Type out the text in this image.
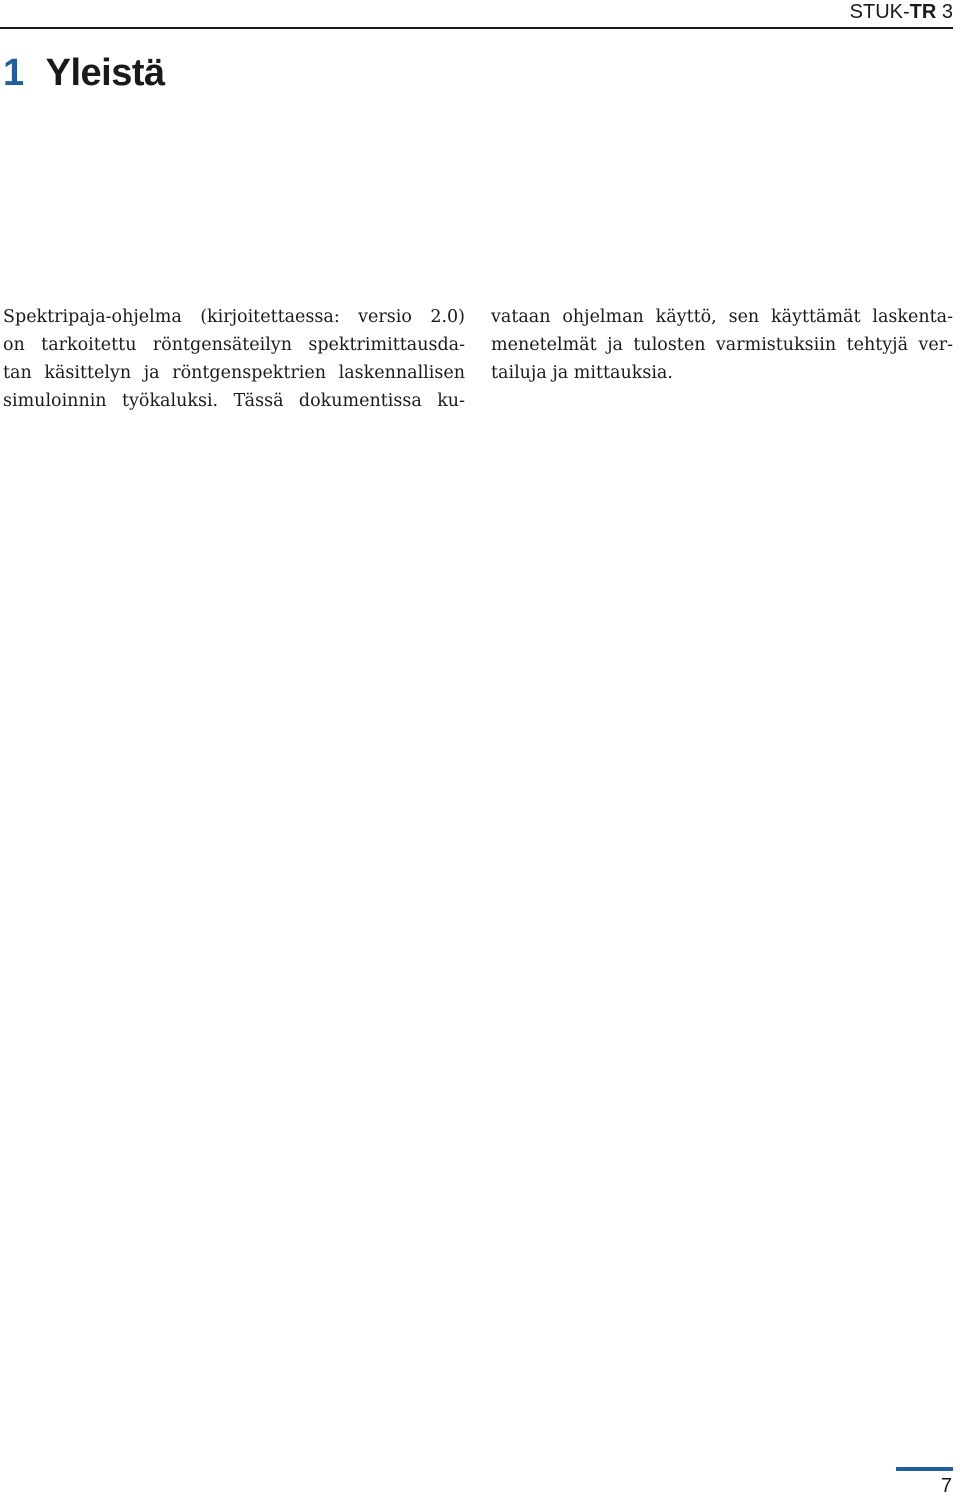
STUK-TR 3
1 Yleistä
Spektripaja-ohjelma (kirjoitettaessa: versio 2.0)
on tarkoitettu röntgensäteilyn spektrimittausda-
tan käsittelyn ja röntgenspektrien laskennallisen
simuloinnin työkaluksi. Tässä dokumentissa ku-
vataan ohjelman käyttö, sen käyttämät laskenta-
menetelmät ja tulosten varmistuksiin tehtyjä ver-
tailuja ja mittauksia.
7
